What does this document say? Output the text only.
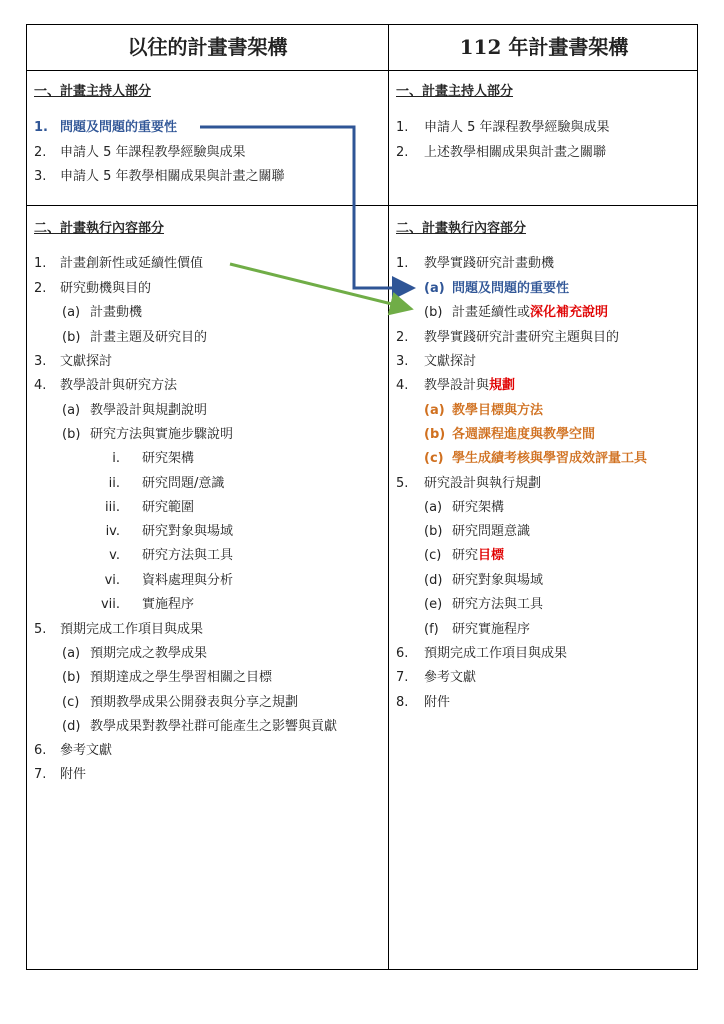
以往的計畫書架構	112 年計畫書架構
一、計畫主持人部分
1. 問題及問題的重要性
2. 申請人 5 年課程教學經驗與成果
3. 申請人 5 年教學相關成果與計畫之關聯
二、計畫執行內容部分
1. 計畫創新性或延續性價值
2. 研究動機與目的
(a) 計畫動機
(b) 計畫主題及研究目的
3. 文獻探討
4. 教學設計與研究方法
(a) 教學設計與規劃說明
(b) 研究方法與實施步驟說明
i. 研究架構
ii. 研究問題/意識
iii. 研究範圍
iv. 研究對象與場域
v. 研究方法與工具
vi. 資料處理與分析
vii. 實施程序
5. 預期完成工作項目與成果
(a) 預期完成之教學成果
(b) 預期達成之學生學習相關之目標
(c) 預期教學成果公開發表與分享之規劃
(d) 教學成果對教學社群可能產生之影響與貢獻
6. 參考文獻
7. 附件
一、計畫主持人部分
1. 申請人 5 年課程教學經驗與成果
2. 上述教學相關成果與計畫之關聯
二、計畫執行內容部分
1. 教學實踐研究計畫動機
(a) 問題及問題的重要性
(b) 計畫延續性或深化補充說明
2. 教學實踐研究計畫研究主題與目的
3. 文獻探討
4. 教學設計與規劃
(a) 教學目標與方法
(b) 各週課程進度與教學空間
(c) 學生成績考核與學習成效評量工具
5. 研究設計與執行規劃
(a) 研究架構
(b) 研究問題意識
(c) 研究目標
(d) 研究對象與場域
(e) 研究方法與工具
(f) 研究實施程序
6. 預期完成工作項目與成果
7. 參考文獻
8. 附件
